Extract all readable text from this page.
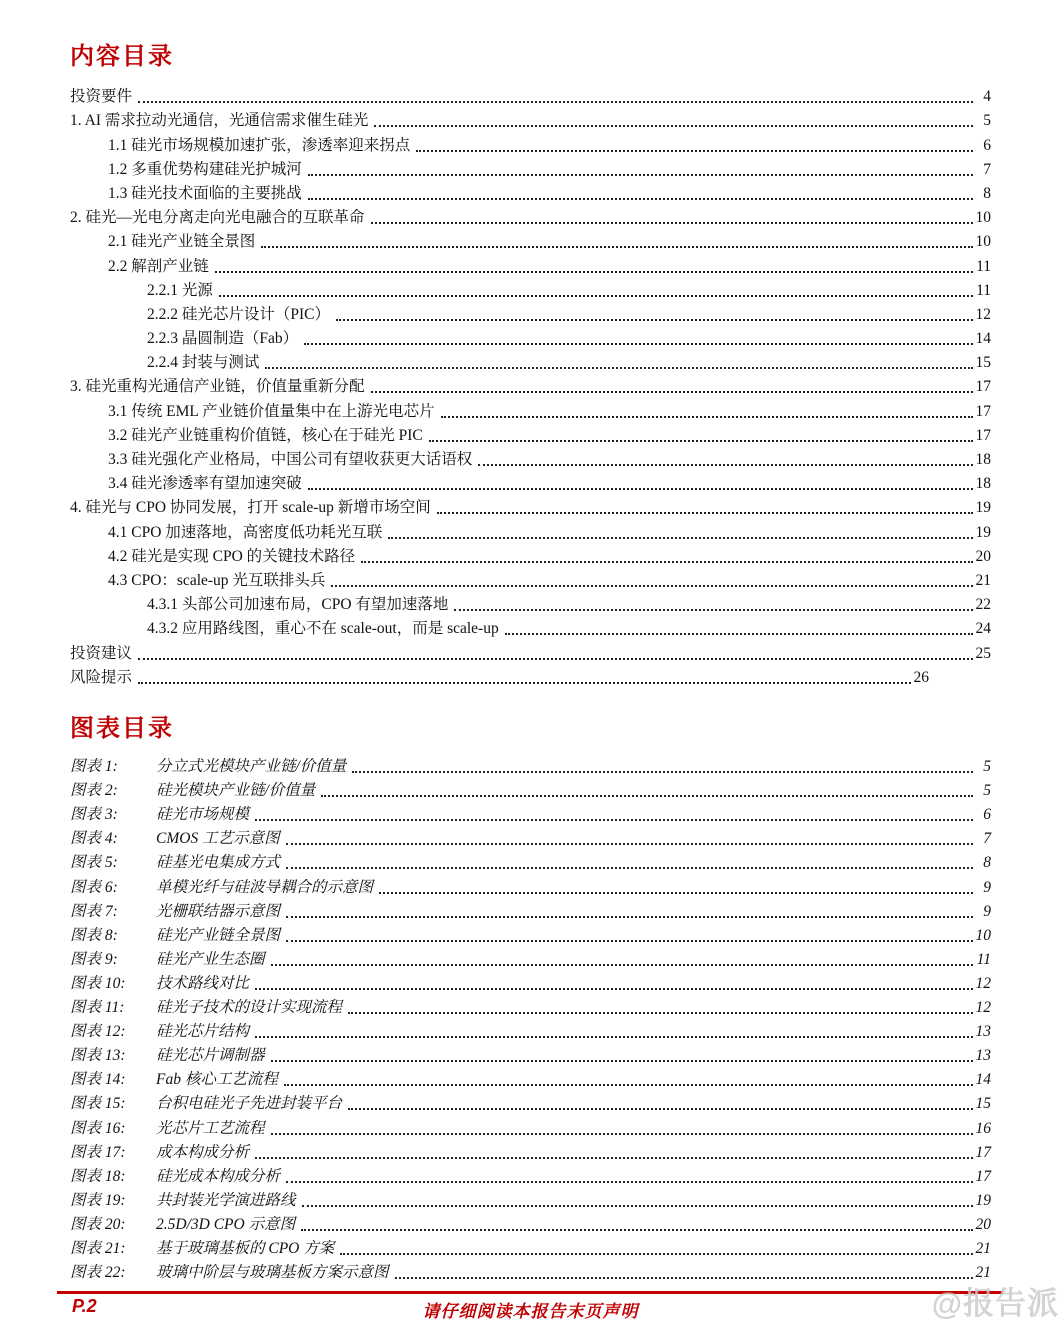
内容目录
投资要件	4
1. AI 需求拉动光通信，光通信需求催生硅光	5
1.1 硅光市场规模加速扩张，渗透率迎来拐点	6
1.2 多重优势构建硅光护城河	7
1.3 硅光技术面临的主要挑战	8
2. 硅光—光电分离走向光电融合的互联革命	10
2.1 硅光产业链全景图	10
2.2 解剖产业链	11
2.2.1 光源	11
2.2.2 硅光芯片设计（PIC）	12
2.2.3 晶圆制造（Fab）	14
2.2.4 封装与测试	15
3. 硅光重构光通信产业链，价值量重新分配	17
3.1 传统 EML 产业链价值量集中在上游光电芯片	17
3.2 硅光产业链重构价值链，核心在于硅光 PIC	17
3.3 硅光强化产业格局，中国公司有望收获更大话语权	18
3.4 硅光渗透率有望加速突破	18
4. 硅光与 CPO 协同发展，打开 scale-up 新增市场空间	19
4.1 CPO 加速落地，高密度低功耗光互联	19
4.2 硅光是实现 CPO 的关键技术路径	20
4.3 CPO：scale-up 光互联排头兵	21
4.3.1 头部公司加速布局，CPO 有望加速落地	22
4.3.2 应用路线图，重心不在 scale-out，而是 scale-up	24
投资建议	25
风险提示	26
图表目录
图表 1:	分立式光模块产业链/价值量	5
图表 2:	硅光模块产业链/价值量	5
图表 3:	硅光市场规模	6
图表 4:	CMOS 工艺示意图	7
图表 5:	硅基光电集成方式	8
图表 6:	单模光纤与硅波导耦合的示意图	9
图表 7:	光栅联结器示意图	9
图表 8:	硅光产业链全景图	10
图表 9:	硅光产业生态圈	11
图表 10:	技术路线对比	12
图表 11:	硅光子技术的设计实现流程	12
图表 12:	硅光芯片结构	13
图表 13:	硅光芯片调制器	13
图表 14:	Fab 核心工艺流程	14
图表 15:	台积电硅光子先进封装平台	15
图表 16:	光芯片工艺流程	16
图表 17:	成本构成分析	17
图表 18:	硅光成本构成分析	17
图表 19:	共封装光学演进路线	19
图表 20:	2.5D/3D CPO 示意图	20
图表 21:	基于玻璃基板的 CPO 方案	21
图表 22:	玻璃中阶层与玻璃基板方案示意图	21
P.2	请仔细阅读本报告末页声明	@报告派
